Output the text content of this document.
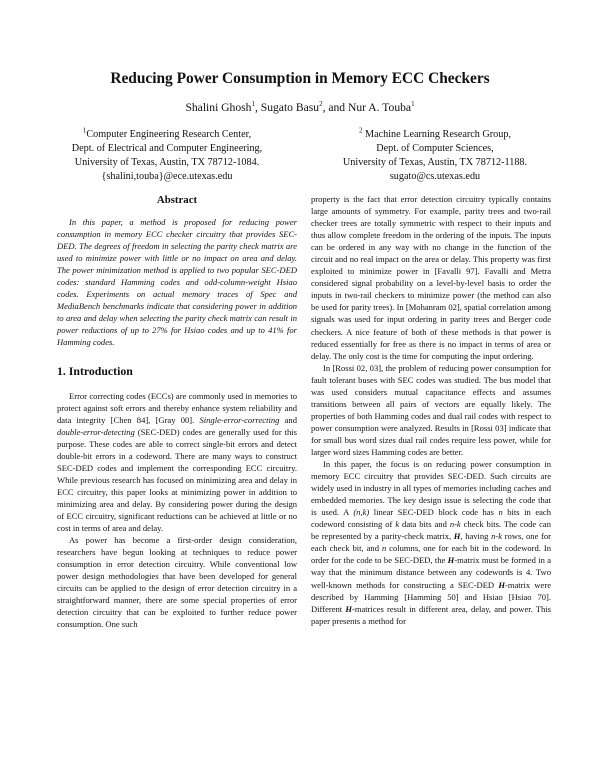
Reducing Power Consumption in Memory ECC Checkers
Shalini Ghosh$^1$, Sugato Basu$^2$, and Nur A. Touba$^1$
$^1$Computer Engineering Research Center,
Dept. of Electrical and Computer Engineering,
University of Texas, Austin, TX 78712-1084.
{shalini,touba}@ece.utexas.edu
$^2$ Machine Learning Research Group,
Dept. of Computer Sciences,
University of Texas, Austin, TX 78712-1188.
sugato@cs.utexas.edu
Abstract

In this paper, a method is proposed for reducing power consumption in memory ECC checker circuitry that provides SEC-DED. The degrees of freedom in selecting the parity check matrix are used to minimize power with little or no impact on area and delay. The power minimization method is applied to two popular SEC-DED codes: standard Hamming codes and odd-column-weight Hsiao codes. Experiments on actual memory traces of Spec and MediaBench benchmarks indicate that considering power in addition to area and delay when selecting the parity check matrix can result in power reductions of up to 27% for Hsiao codes and up to 41% for Hamming codes.

1. Introduction

Error correcting codes (ECCs) are commonly used in memories to protect against soft errors and thereby enhance system reliability and data integrity [Chen 84], [Gray 00]. Single-error-correcting and double-error-detecting (SEC-DED) codes are generally used for this purpose. These codes are able to correct single-bit errors and detect double-bit errors in a codeword. There are many ways to construct SEC-DED codes and implement the corresponding ECC circuitry. While previous research has focused on minimizing area and delay in ECC circuitry, this paper looks at minimizing power in addition to minimizing area and delay. By considering power during the design of ECC circuitry, significant reductions can be achieved at little or no cost in terms of area and delay.

As power has become a first-order design consideration, researchers have begun looking at techniques to reduce power consumption in error detection circuitry. While conventional low power design methodologies that have been developed for general circuits can be applied to the design of error detection circuitry in a straightforward manner, there are some special properties of error detection circuitry that can be exploited to further reduce power consumption. One such

property is the fact that error detection circuitry typically contains large amounts of symmetry. For example, parity trees and two-rail checker trees are totally symmetric with respect to their inputs and thus allow complete freedom in the ordering of the inputs. The inputs can be ordered in any way with no change in the function of the circuit and no real impact on the area or delay. This property was first exploited to minimize power in [Favalli 97]. Favalli and Metra considered signal probability on a level-by-level basis to order the inputs in two-rail checkers to minimize power (the method can also be used for parity trees). In [Mohanram 02], spatial correlation among signals was used for input ordering in parity trees and Berger code checkers. A nice feature of both of these methods is that power is reduced essentially for free as there is no impact in terms of area or delay. The only cost is the time for computing the input ordering.

In [Rossi 02, 03], the problem of reducing power consumption for fault tolerant buses with SEC codes was studied. The bus model that was used considers mutual capacitance effects and assumes transitions between all pairs of vectors are equally likely. The properties of both Hamming codes and dual rail codes with respect to power consumption were analyzed. Results in [Rossi 03] indicate that for small bus word sizes dual rail codes require less power, while for larger word sizes Hamming codes are better.

In this paper, the focus is on reducing power consumption in memory ECC circuitry that provides SEC-DED. Such circuits are widely used in industry in all types of memories including caches and embedded memories. The key design issue is selecting the code that is used. A (n,k) linear SEC-DED block code has n bits in each codeword consisting of k data bits and n-k check bits. The code can be represented by a parity-check matrix, H, having n-k rows, one for each check bit, and n columns, one for each bit in the codeword. In order for the code to be SEC-DED, the H-matrix must be formed in a way that the minimum distance between any codewords is 4. Two well-known methods for constructing a SEC-DED H-matrix were described by Hamming [Hamming 50] and Hsiao [Hsiao 70]. Different H-matrices result in different area, delay, and power. This paper presents a method for
